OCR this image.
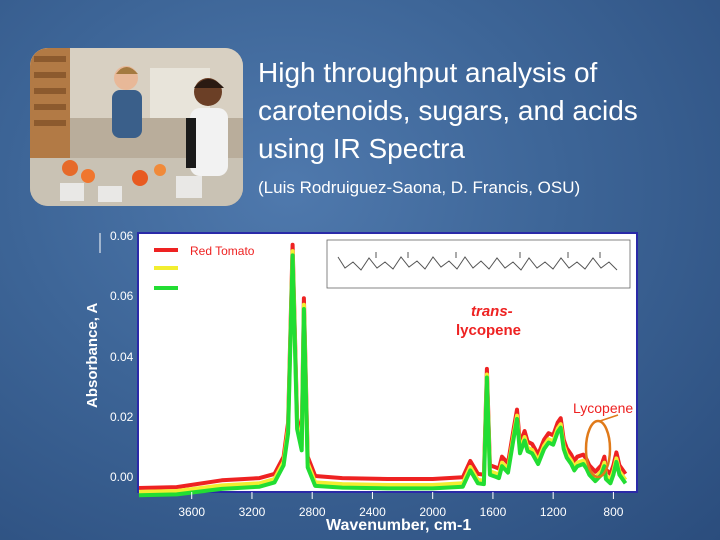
High throughput analysis of carotenoids, sugars, and acids using IR Spectra
(Luis Rodruiguez-Saona, D. Francis, OSU)
Red Tomato
Yellow Tomato
Green Tomato
trans-
lycopene
Lycopene
0.06
0.06
0.04
0.02
0.00
3600	3200	2800	2400	2000	1600	1200	800
Absorbance, A
Wavenumber, cm-1
